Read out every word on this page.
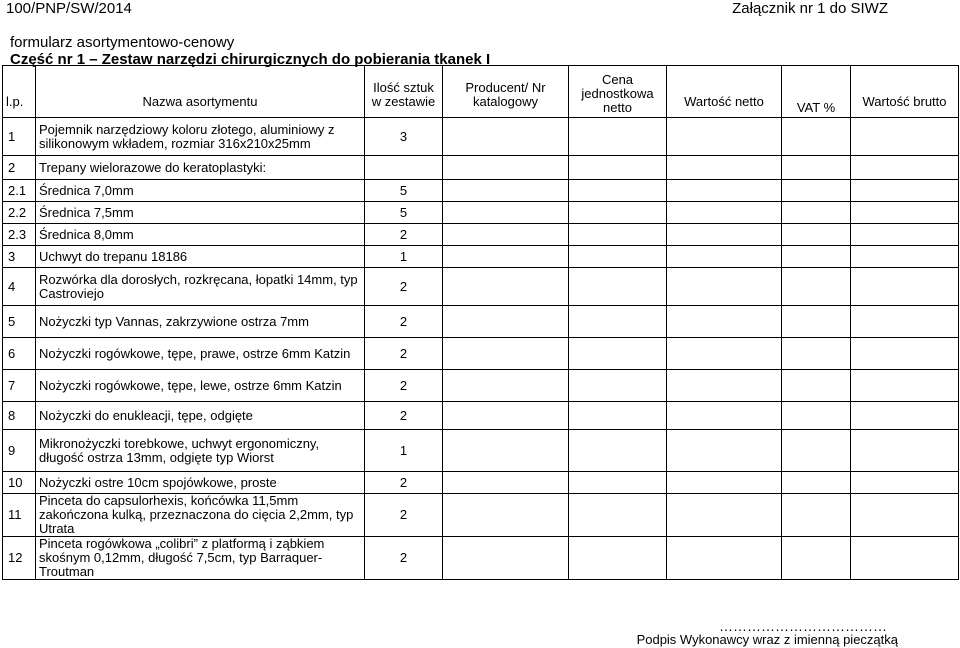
100/PNP/SW/2014	Załącznik nr 1 do SIWZ
formularz asortymentowo-cenowy
Część nr 1 – Zestaw narzędzi chirurgicznych do pobierania tkanek I
l.p.	Nazwa asortymentu	Ilość sztuk w zestawie	Producent/ Nr katalogowy	Cena jednostkowa netto	Wartość netto	VAT %	Wartość brutto
1	Pojemnik narzędziowy koloru złotego, aluminiowy z silikonowym wkładem, rozmiar 316x210x25mm	3					
2	Trepany wielorazowe do keratoplastyki:						
2.1	Średnica 7,0mm	5					
2.2	Średnica 7,5mm	5					
2.3	Średnica 8,0mm	2					
3	Uchwyt do trepanu 18186	1					
4	Rozwórka dla dorosłych, rozkręcana, łopatki 14mm, typ Castroviejo	2					
5	Nożyczki typ Vannas, zakrzywione ostrza 7mm	2					
6	Nożyczki rogówkowe, tępe, prawe, ostrze 6mm Katzin	2					
7	Nożyczki rogówkowe, tępe, lewe, ostrze 6mm Katzin	2					
8	Nożyczki do enukleacji, tępe, odgięte	2					
9	Mikronożyczki torebkowe, uchwyt ergonomiczny, długość ostrza 13mm, odgięte typ Wiorst	1					
10	Nożyczki ostre 10cm spojówkowe, proste	2					
11	Pinceta do capsulorhexis, końcówka 11,5mm zakończona kulką, przeznaczona do cięcia 2,2mm, typ Utrata	2					
12	Pinceta rogówkowa „colibri” z platformą i ząbkiem skośnym 0,12mm, długość 7,5cm, typ Barraquer-Troutman	2					
………………………………
Podpis Wykonawcy wraz z imienną pieczątką
